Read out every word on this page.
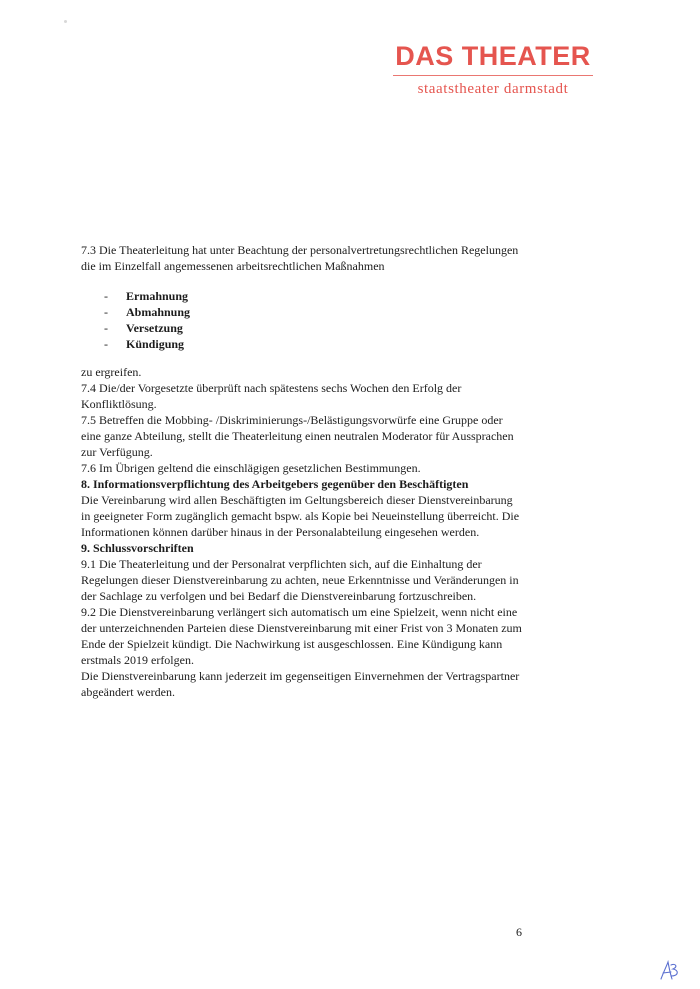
DAS THEATER
staatstheater darmstadt

7.3 Die Theaterleitung hat unter Beachtung der personalvertretungsrechtlichen Regelungen die im Einzelfall angemessenen arbeitsrechtlichen Maßnahmen

- Ermahnung
- Abmahnung
- Versetzung
- Kündigung

zu ergreifen.

7.4 Die/der Vorgesetzte überprüft nach spätestens sechs Wochen den Erfolg der Konfliktlösung.

7.5 Betreffen die Mobbing- /Diskriminierungs-/Belästigungsvorwürfe eine Gruppe oder eine ganze Abteilung, stellt die Theaterleitung einen neutralen Moderator für Aussprachen zur Verfügung.

7.6 Im Übrigen geltend die einschlägigen gesetzlichen Bestimmungen.

8. Informationsverpflichtung des Arbeitgebers gegenüber den Beschäftigten

Die Vereinbarung wird allen Beschäftigten im Geltungsbereich dieser Dienstvereinbarung in geeigneter Form zugänglich gemacht bspw. als Kopie bei Neueinstellung überreicht. Die Informationen können darüber hinaus in der Personalabteilung eingesehen werden.

9. Schlussvorschriften

9.1 Die Theaterleitung und der Personalrat verpflichten sich, auf die Einhaltung der Regelungen dieser Dienstvereinbarung zu achten, neue Erkenntnisse und Veränderungen in der Sachlage zu verfolgen und bei Bedarf die Dienstvereinbarung fortzuschreiben.

9.2 Die Dienstvereinbarung verlängert sich automatisch um eine Spielzeit, wenn nicht eine der unterzeichnenden Parteien diese Dienstvereinbarung mit einer Frist von 3 Monaten zum Ende der Spielzeit kündigt. Die Nachwirkung ist ausgeschlossen. Eine Kündigung kann erstmals 2019 erfolgen.

Die Dienstvereinbarung kann jederzeit im gegenseitigen Einvernehmen der Vertragspartner abgeändert werden.

6
